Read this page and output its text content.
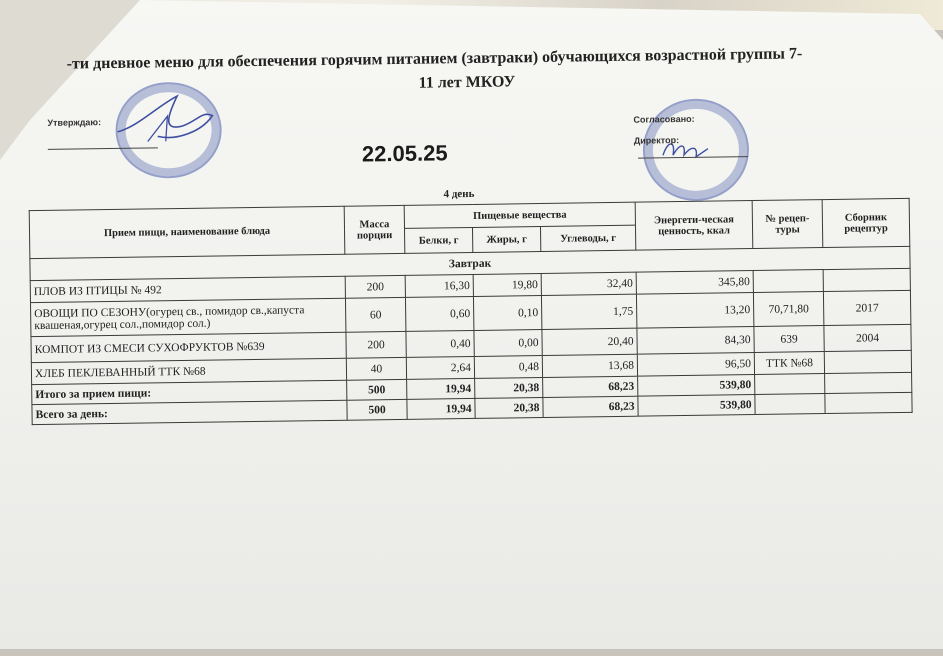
-ти дневное меню для обеспечения горячим питанием (завтраки) обучающихся возрастной группы 7-
11 лет МКОУ
Утверждаю:
22.05.25
Согласовано:
Директор:
4 день
Прием пищи, наименование блюда	Масса порции	Пищевые вещества			Энергети-ческая ценность, ккал	№ рецеп-туры	Сборник рецептур
		Белки, г	Жиры, г	Углеводы, г			
Завтрак							
ПЛОВ ИЗ ПТИЦЫ № 492	200	16,30	19,80	32,40	345,80		
ОВОЩИ ПО СЕЗОНУ(огурец св., помидор св.,капуста квашеная,огурец сол.,помидор сол.)	60	0,60	0,10	1,75	13,20	70,71,80	2017
КОМПОТ ИЗ СМЕСИ СУХОФРУКТОВ №639	200	0,40	0,00	20,40	84,30	639	2004
ХЛЕБ ПЕКЛЕВАННЫЙ ТТК №68	40	2,64	0,48	13,68	96,50	ТТК №68	
Итого за прием пищи:	500	19,94	20,38	68,23	539,80		
Всего за день:	500	19,94	20,38	68,23	539,80		
